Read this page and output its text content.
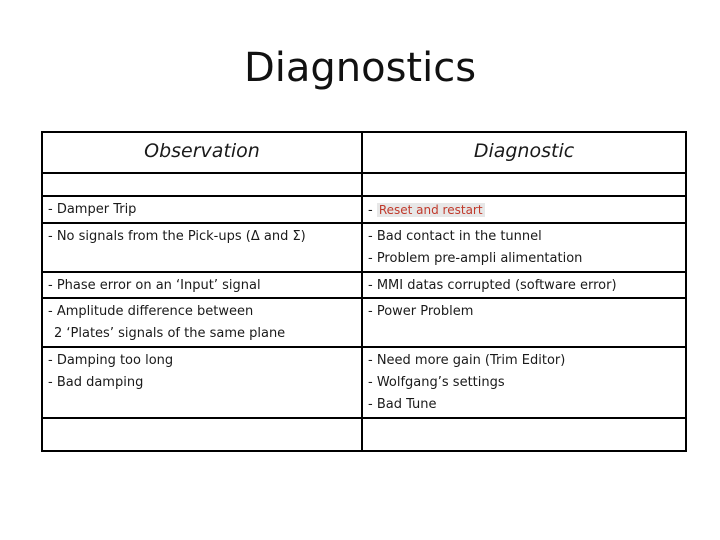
Diagnostics
Observation	Diagnostic

- Damper Trip	- Reset and restart

- No signals from the Pick-ups (Δ and Σ)	- Bad contact in the tunnel
- Problem pre-ampli alimentation

- Phase error on an ‘Input’ signal	- MMI datas corrupted (software error)

- Amplitude difference between
2 ‘Plates’ signals of the same plane	- Power Problem

- Damping too long
- Bad damping	- Need more gain (Trim Editor)
- Wolfgang’s settings
- Bad Tune
